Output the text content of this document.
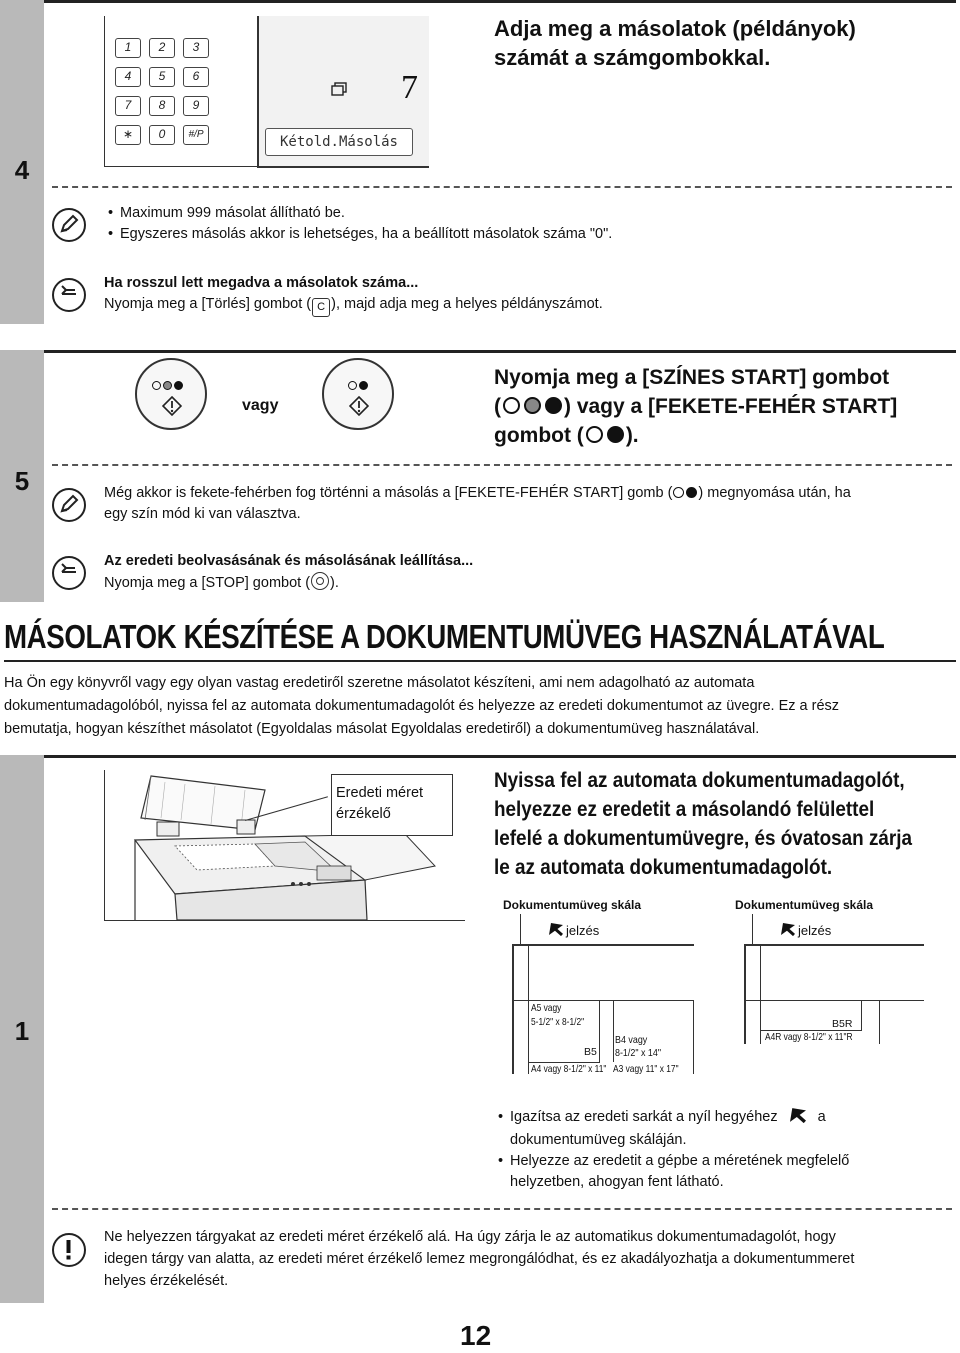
4
1	2	3
4	5	6
7	8	9
∗	0	#/P
7
Kétold.Másolás
Adja meg a másolatok (példányok)
számát a számgombokkal.
• Maximum 999 másolat állítható be.
• Egyszeres másolás akkor is lehetséges, ha a beállított másolatok száma "0".
Ha rosszul lett megadva a másolatok száma...
Nyomja meg a [Törlés] gombot ( C ), majd adja meg a helyes példányszámot.
5
vagy
Nyomja meg a [SZÍNES START] gombot
(	) vagy a [FEKETE-FEHÉR START]
gombot ( ).
Még akkor is fekete-fehérben fog történni a másolás a [FEKETE-FEHÉR START] gomb ( ) megnyomása után, ha
egy szín mód ki van választva.
Az eredeti beolvasásának és másolásának leállítása...
Nyomja meg a [STOP] gombot ( ).
MÁSOLATOK KÉSZÍTÉSE A DOKUMENTUMÜVEG HASZNÁLATÁVAL
Ha Ön egy könyvről vagy egy olyan vastag eredetiről szeretne másolatot készíteni, ami nem adagolható az automata
dokumentumadagolóból, nyissa fel az automata dokumentumadagolót és helyezze az eredeti dokumentumot az üvegre. Ez a rész
bemutatja, hogyan készíthet másolatot (Egyoldalas másolat Egyoldalas eredetiről) a dokumentumüveg használatával.
1
Eredeti méret
érzékelő
Nyissa fel az automata dokumentumadagolót,
helyezze ez eredetit a másolandó felülettel
lefelé a dokumentumüvegre, és óvatosan zárja
le az automata dokumentumadagolót.
Dokumentumüveg skála
jelzés
A5 vagy
5-1/2" x 8-1/2"
B5
B4 vagy
8-1/2" x 14"
A4 vagy 8-1/2" x 11" A3 vagy 11" x 17"
Dokumentumüveg skála
jelzés
B5R
A4R vagy 8-1/2" x 11"R
• Igazítsa az eredeti sarkát a nyíl hegyéhez	a
dokumentumüveg skáláján.
• Helyezze az eredetit a gépbe a méretének megfelelő
helyzetben, ahogyan fent látható.
Ne helyezzen tárgyakat az eredeti méret érzékelő alá. Ha úgy zárja le az automatikus dokumentumadagolót, hogy
idegen tárgy van alatta, az eredeti méret érzékelő lemez megrongálódhat, és ez akadályozhatja a dokumentummeret
helyes érzékelését.
12
